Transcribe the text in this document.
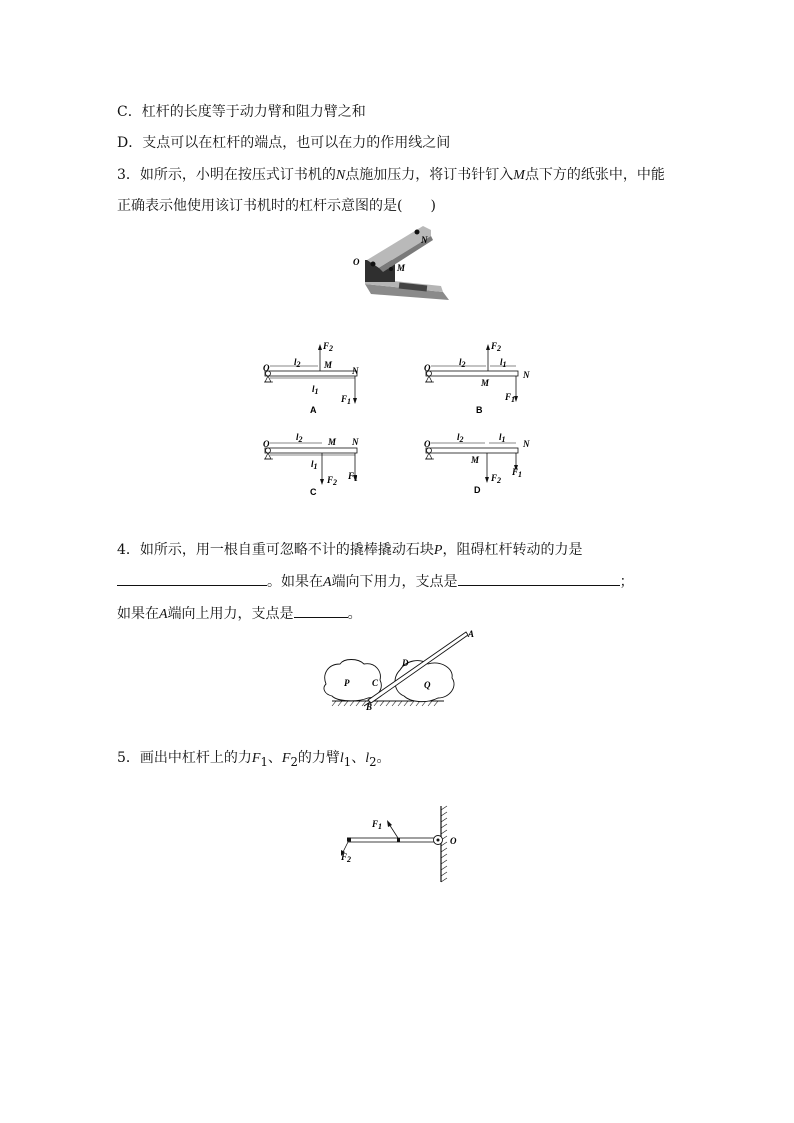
C．杠杆的长度等于动力臂和阻力臂之和
D．支点可以在杠杆的端点，也可以在力的作用线之间
3．如所示，小明在按压式订书机的N点施加压力，将订书针钉入M点下方的纸张中，中能
正确表示他使用该订书机时的杠杆示意图的是(　　)
N
O
M
O
l2
l1
M
N
F2
F1
A
O
l2	l1
M
N
F2
F1
B
O
l2
l1
M N
F2
F1
C
O
l2	l1
M
N
F2
F1
D
4．如所示，用一根自重可忽略不计的撬棒撬动石块P，阻碍杠杆转动的力是
。如果在A端向下用力，支点是	；
如果在A端向上用力，支点是	。
A
D
P	C	Q
B
5．画出中杠杆上的力$F_1$、$F_2$的力臂$l_1$、$l_2$。
F1
F2
O
